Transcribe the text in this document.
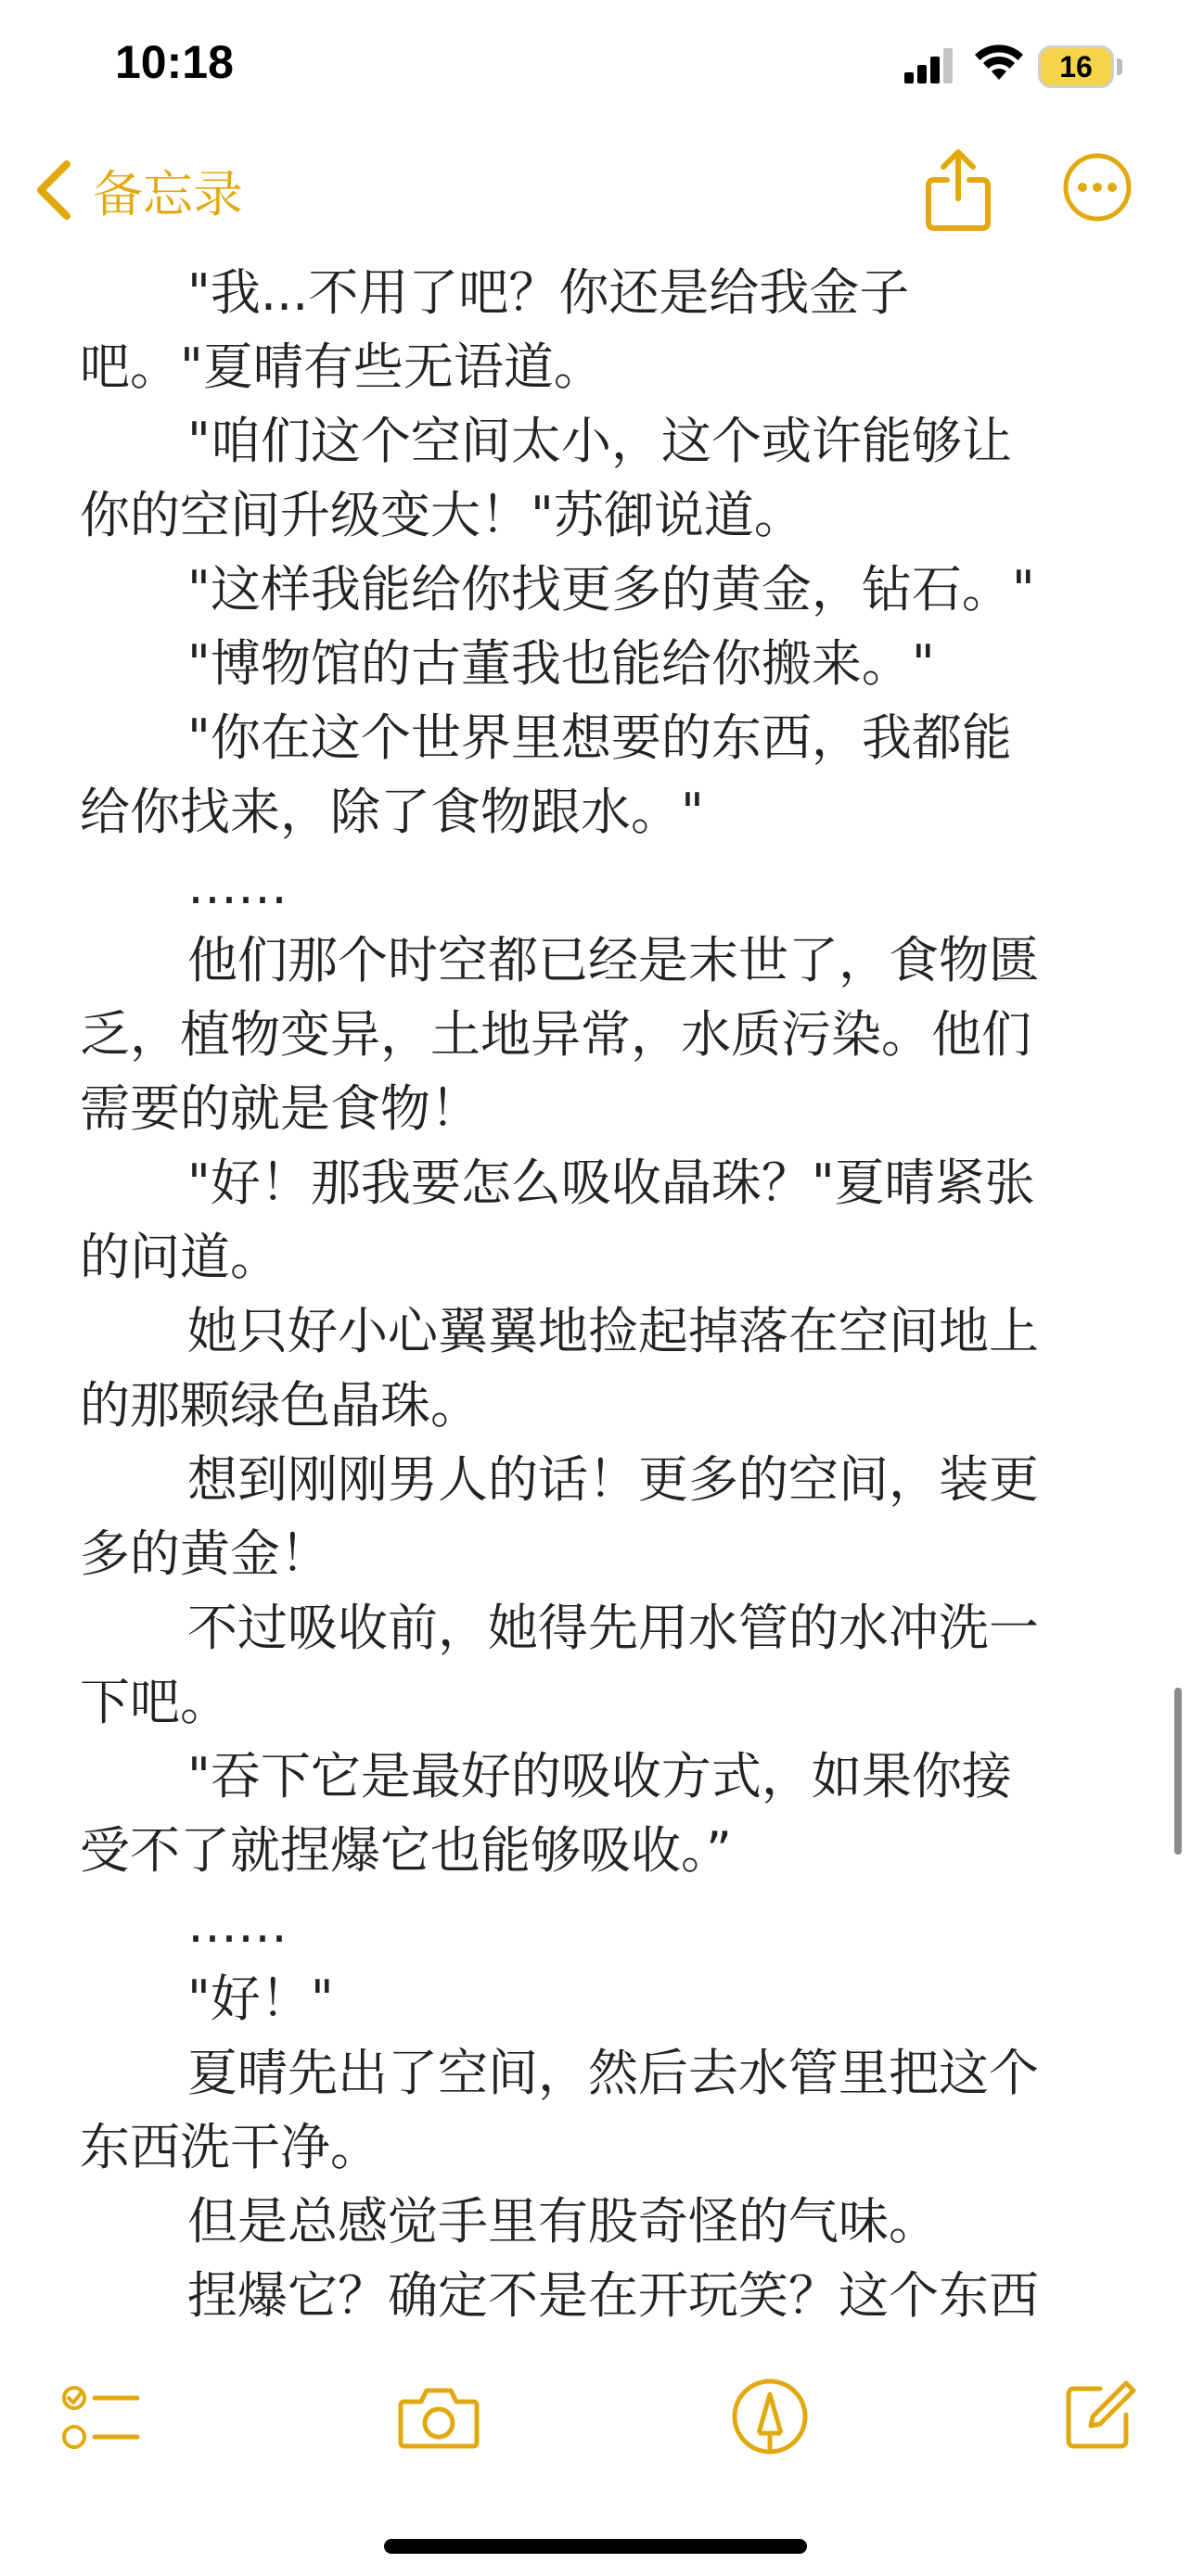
10:18	16
备忘录
"我...不用了吧？你还是给我金子
吧。"夏晴有些无语道。
"咱们这个空间太小，这个或许能够让
你的空间升级变大！"苏御说道。
"这样我能给你找更多的黄金，钻石。"
"博物馆的古董我也能给你搬来。"
"你在这个世界里想要的东西，我都能
给你找来，除了食物跟水。"
……
他们那个时空都已经是末世了，食物匮
乏，植物变异，土地异常，水质污染。他们
需要的就是食物！
"好！那我要怎么吸收晶珠？"夏晴紧张
的问道。
她只好小心翼翼地捡起掉落在空间地上
的那颗绿色晶珠。
想到刚刚男人的话！更多的空间，装更
多的黄金！
不过吸收前，她得先用水管的水冲洗一
下吧。
"吞下它是最好的吸收方式，如果你接
受不了就捏爆它也能够吸收。”
……
"好！"
夏晴先出了空间，然后去水管里把这个
东西洗干净。
但是总感觉手里有股奇怪的气味。
捏爆它？确定不是在开玩笑？这个东西
